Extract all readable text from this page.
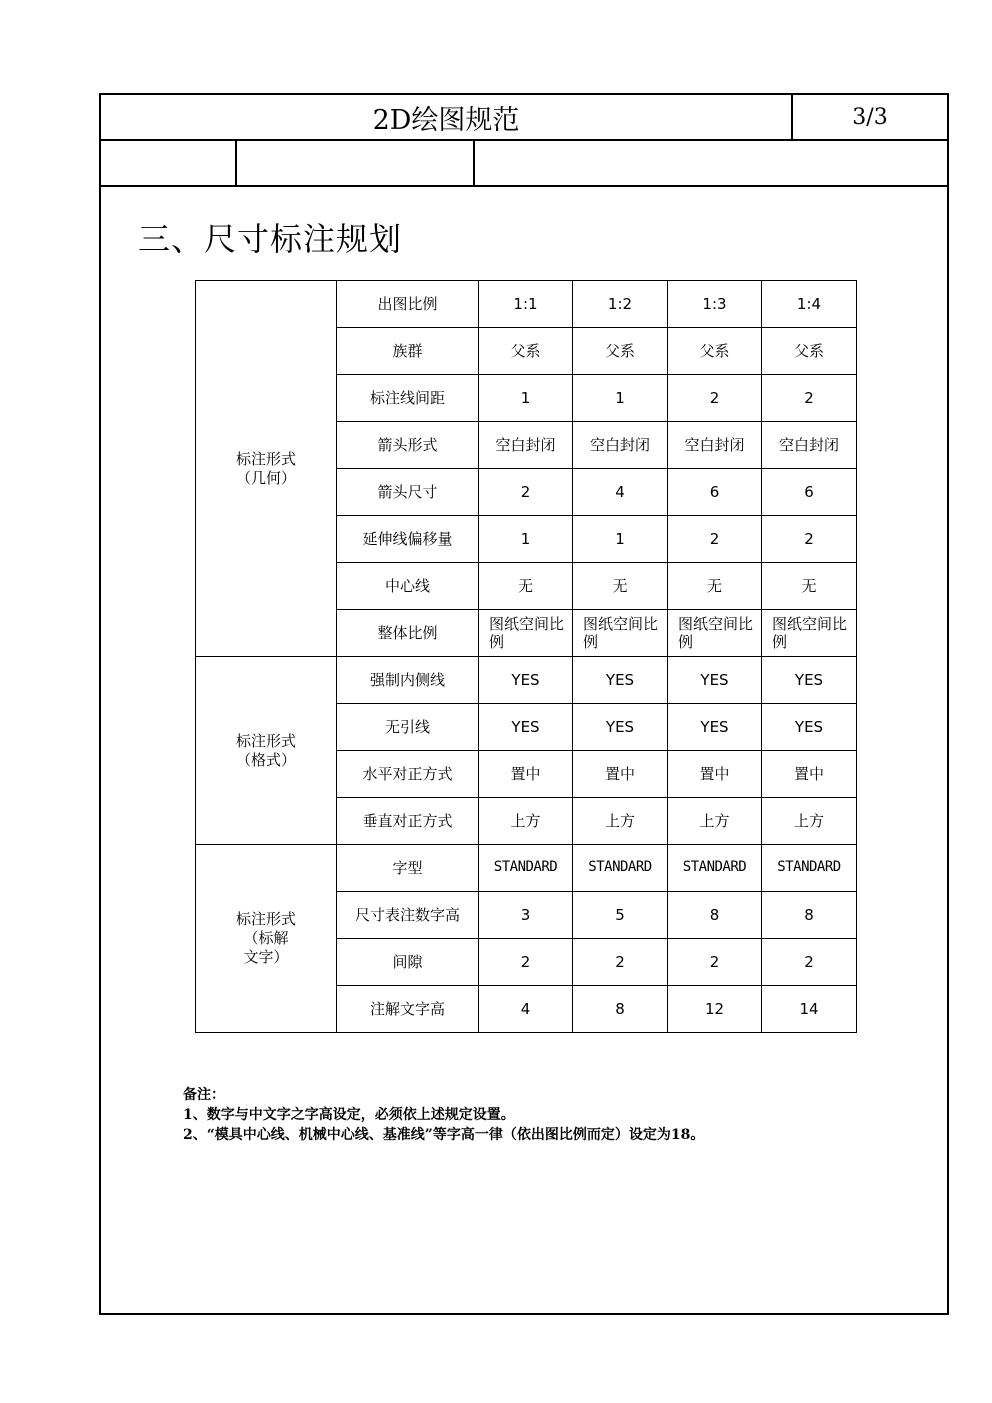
2D绘图规范	3/3
三、尺寸标注规划
标注形式
（几何）	出图比例	1:1	1:2	1:3	1:4
	族群	父系	父系	父系	父系
	标注线间距	1	1	2	2
	箭头形式	空白封闭	空白封闭	空白封闭	空白封闭
	箭头尺寸	2	4	6	6
	延伸线偏移量	1	1	2	2
	中心线	无	无	无	无
	整体比例	图纸空间比例	图纸空间比例	图纸空间比例	图纸空间比例

标注形式
（格式）	强制内侧线	YES	YES	YES	YES
	无引线	YES	YES	YES	YES
	水平对正方式	置中	置中	置中	置中
	垂直对正方式	上方	上方	上方	上方

标注形式
（标解
文字）	字型	STANDARD	STANDARD	STANDARD	STANDARD
	尺寸表注数字高	3	5	8	8
	间隙	2	2	2	2
	注解文字高	4	8	12	14
备注：
1、数字与中文字之字高设定，必须依上述规定设置。
2、“模具中心线、机械中心线、基准线”等字高一律（依出图比例而定）设定为18。
